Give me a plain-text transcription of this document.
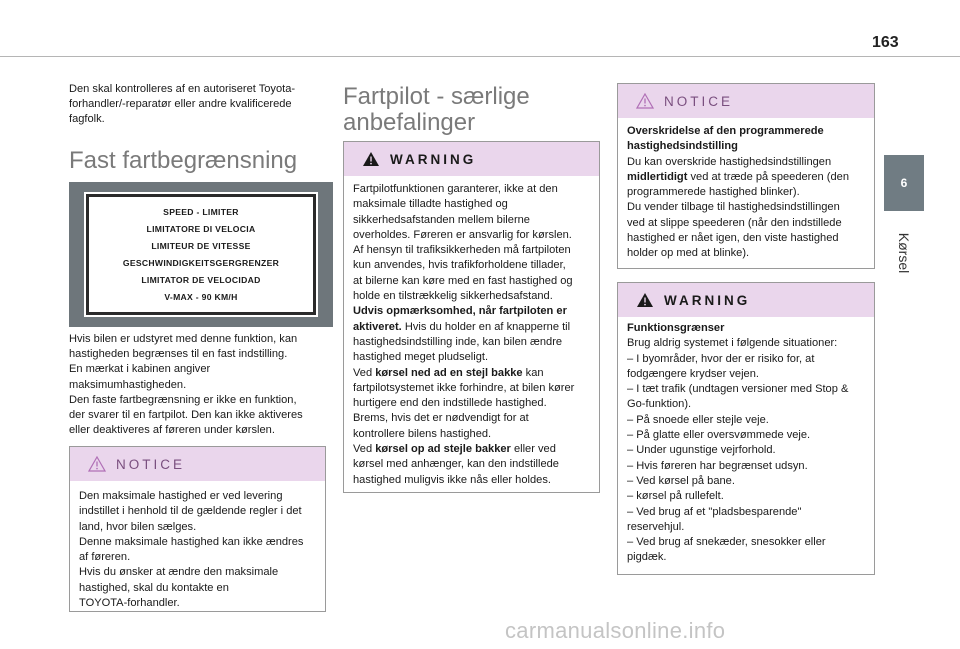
163
6
Kørsel
Den skal kontrolleres af en autoriseret Toyota-
forhandler/-reparatør eller andre kvalificerede
fagfolk.
Fast fartbegrænsning
SPEED - LIMITER
LIMITATORE DI VELOCIA
LIMITEUR DE VITESSE
GESCHWINDIGKEITSGERGRENZER
LIMITATOR DE VELOCIDAD
V-MAX - 90 KM/H
Hvis bilen er udstyret med denne funktion, kan
hastigheden begrænses til en fast indstilling.
En mærkat i kabinen angiver
maksimumhastigheden.
Den faste fartbegrænsning er ikke en funktion,
der svarer til en fartpilot. Den kan ikke aktiveres
eller deaktiveres af føreren under kørslen.
NOTICE

Den maksimale hastighed er ved levering

indstillet i henhold til de gældende regler i det

land, hvor bilen sælges.

Denne maksimale hastighed kan ikke ændres

af føreren.

Hvis du ønsker at ændre den maksimale

hastighed, skal du kontakte en

TOYOTA-forhandler.

Fartpilot - særlige
anbefalinger
WARNING

Fartpilotfunktionen garanterer, ikke at den

maksimale tilladte hastighed og

sikkerhedsafstanden mellem bilerne

overholdes. Føreren er ansvarlig for kørslen.

Af hensyn til trafiksikkerheden må fartpiloten

kun anvendes, hvis trafikforholdene tillader,

at bilerne kan køre med en fast hastighed og

holde en tilstrækkelig sikkerhedsafstand.

Udvis opmærksomhed, når fartpiloten er

aktiveret. Hvis du holder en af knapperne til

hastighedsindstilling inde, kan bilen ændre

hastighed meget pludseligt.

Ved kørsel ned ad en stejl bakke kan

fartpilotsystemet ikke forhindre, at bilen kører

hurtigere end den indstillede hastighed.

Brems, hvis det er nødvendigt for at

kontrollere bilens hastighed.

Ved kørsel op ad stejle bakker eller ved

kørsel med anhænger, kan den indstillede

hastighed muligvis ikke nås eller holdes.

NOTICE

Overskridelse af den programmerede

hastighedsindstilling

Du kan overskride hastighedsindstillingen

midlertidigt ved at træde på speederen (den

programmerede hastighed blinker).

Du vender tilbage til hastighedsindstillingen

ved at slippe speederen (når den indstillede

hastighed er nået igen, den viste hastighed

holder op med at blinke).

WARNING

Funktionsgrænser

Brug aldrig systemet i følgende situationer:

– I byområder, hvor der er risiko for, at

fodgængere krydser vejen.

– I tæt trafik (undtagen versioner med Stop &

Go-funktion).

– På snoede eller stejle veje.

– På glatte eller oversvømmede veje.

– Under ugunstige vejrforhold.

– Hvis føreren har begrænset udsyn.

– Ved kørsel på bane.

– kørsel på rullefelt.

– Ved brug af et "pladsbesparende"

reservehjul.

– Ved brug af snekæder, snesokker eller

pigdæk.

carmanualsonline.info
